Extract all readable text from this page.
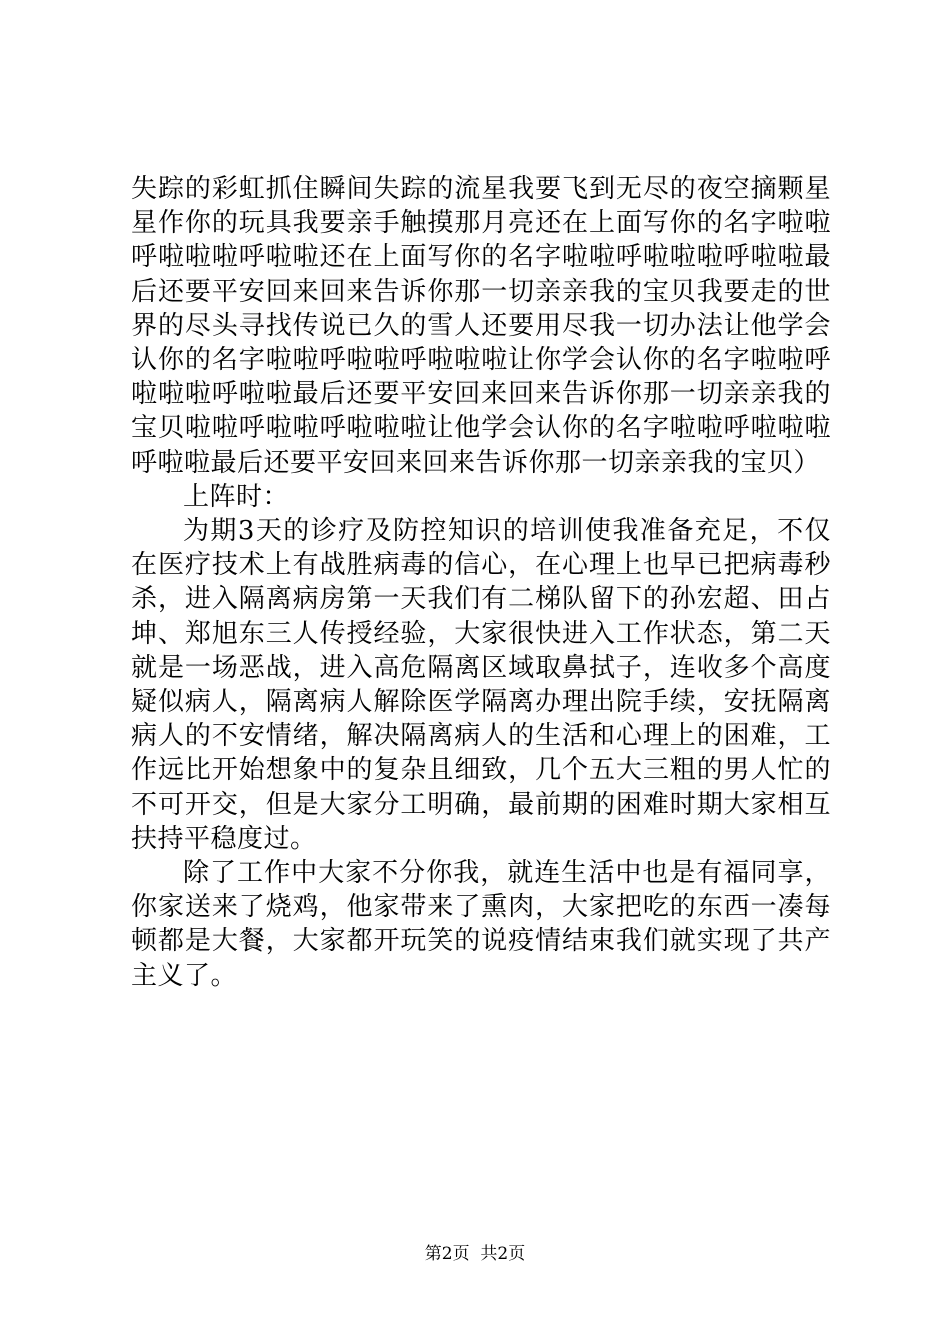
失踪的彩虹抓住瞬间失踪的流星我要飞到无尽的夜空摘颗星星作你的玩具我要亲手触摸那月亮还在上面写你的名字啦啦呼啦啦啦呼啦啦还在上面写你的名字啦啦呼啦啦啦呼啦啦最后还要平安回来回来告诉你那一切亲亲我的宝贝我要走的世界的尽头寻找传说已久的雪人还要用尽我一切办法让他学会认你的名字啦啦呼啦啦呼啦啦啦让你学会认你的名字啦啦呼啦啦啦呼啦啦最后还要平安回来回来告诉你那一切亲亲我的宝贝啦啦呼啦啦呼啦啦啦让他学会认你的名字啦啦呼啦啦啦呼啦啦最后还要平安回来回来告诉你那一切亲亲我的宝贝）

上阵时：

为期3天的诊疗及防控知识的培训使我准备充足，不仅在医疗技术上有战胜病毒的信心，在心理上也早已把病毒秒杀，进入隔离病房第一天我们有二梯队留下的孙宏超、田占坤、郑旭东三人传授经验，大家很快进入工作状态，第二天就是一场恶战，进入高危隔离区域取鼻拭子，连收多个高度疑似病人，隔离病人解除医学隔离办理出院手续，安抚隔离病人的不安情绪，解决隔离病人的生活和心理上的困难，工作远比开始想象中的复杂且细致，几个五大三粗的男人忙的不可开交，但是大家分工明确，最前期的困难时期大家相互扶持平稳度过。

除了工作中大家不分你我，就连生活中也是有福同享，你家送来了烧鸡，他家带来了熏肉，大家把吃的东西一凑每顿都是大餐，大家都开玩笑的说疫情结束我们就实现了共产主义了。

第2页  共2页
